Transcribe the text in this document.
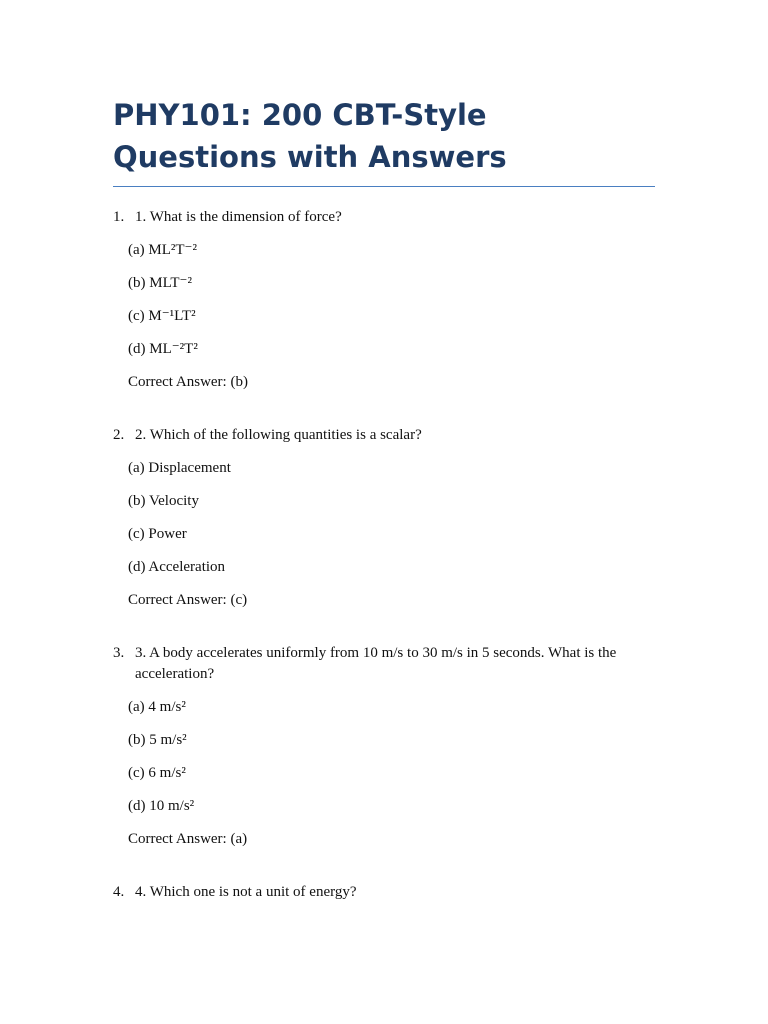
PHY101: 200 CBT-Style Questions with Answers
1. 1. What is the dimension of force?
(a) ML²T⁻²
(b) MLT⁻²
(c) M⁻¹LT²
(d) ML⁻²T²
Correct Answer: (b)
2. 2. Which of the following quantities is a scalar?
(a) Displacement
(b) Velocity
(c) Power
(d) Acceleration
Correct Answer: (c)
3. 3. A body accelerates uniformly from 10 m/s to 30 m/s in 5 seconds. What is the acceleration?
(a) 4 m/s²
(b) 5 m/s²
(c) 6 m/s²
(d) 10 m/s²
Correct Answer: (a)
4. 4. Which one is not a unit of energy?
